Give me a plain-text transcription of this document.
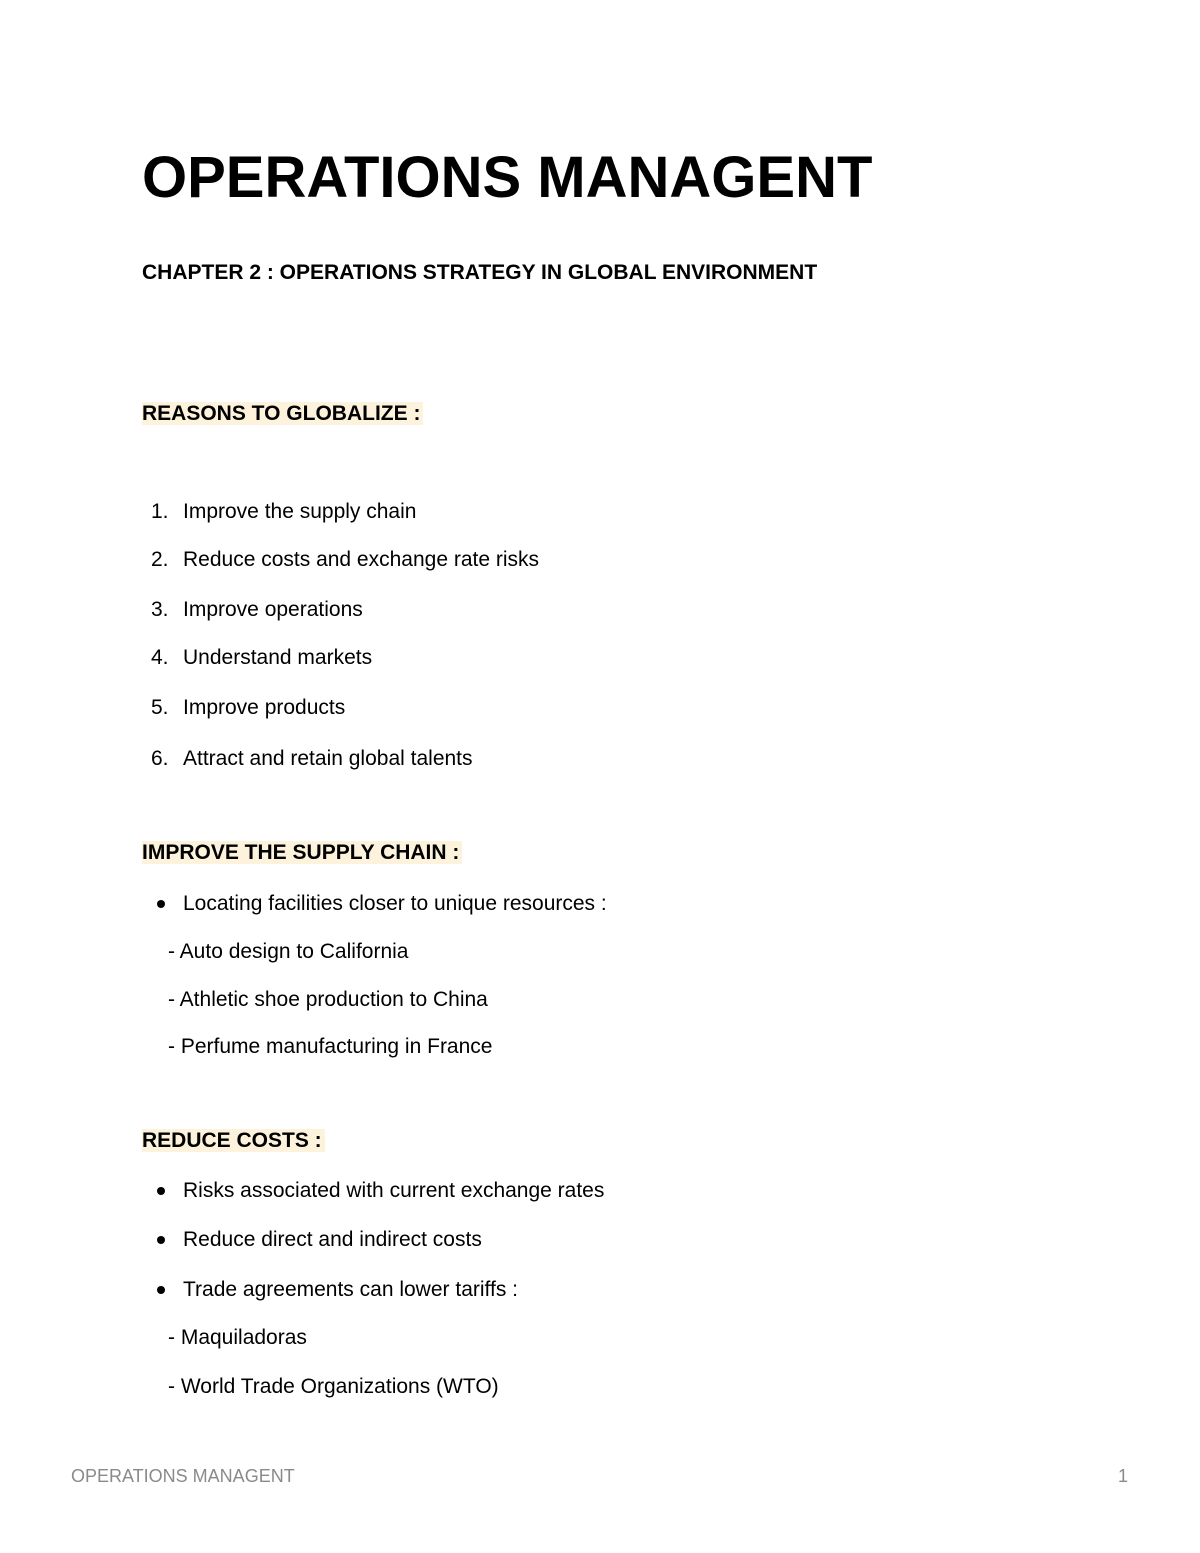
OPERATIONS MANAGENT
CHAPTER 2 : OPERATIONS STRATEGY IN GLOBAL ENVIRONMENT
REASONS TO GLOBALIZE :
1. Improve the supply chain
2. Reduce costs and exchange rate risks
3. Improve operations
4. Understand markets
5. Improve products
6. Attract and retain global talents
IMPROVE THE SUPPLY CHAIN :
Locating facilities closer to unique resources :
- Auto design to California
- Athletic shoe production to China
- Perfume manufacturing in France
REDUCE COSTS :
Risks associated with current exchange rates
Reduce direct and indirect costs
Trade agreements can lower tariffs :
- Maquiladoras
- World Trade Organizations (WTO)
OPERATIONS MANAGENT	1
